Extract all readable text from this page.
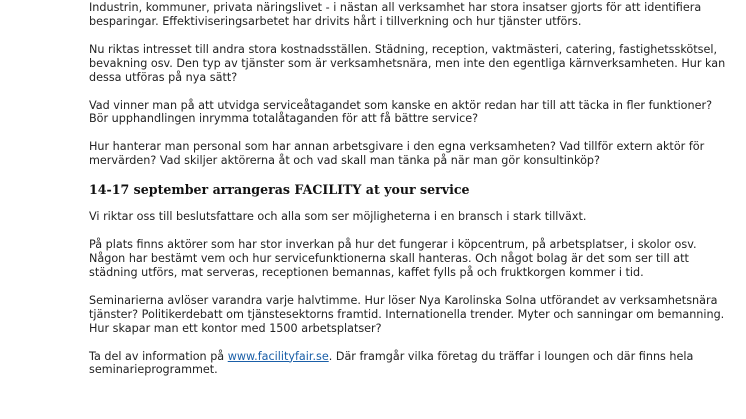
Industrin, kommuner, privata näringslivet - i nästan all verksamhet har stora insatser gjorts för att identifiera
besparingar. Effektiviseringsarbetet har drivits hårt i tillverkning och hur tjänster utförs.

Nu riktas intresset till andra stora kostnadsställen. Städning, reception, vaktmästeri, catering, fastighetsskötsel,
bevakning osv. Den typ av tjänster som är verksamhetsnära, men inte den egentliga kärnverksamheten. Hur kan
dessa utföras på nya sätt?

Vad vinner man på att utvidga serviceåtagandet som kanske en aktör redan har till att täcka in fler funktioner?
Bör upphandlingen inrymma totalåtaganden för att få bättre service?

Hur hanterar man personal som har annan arbetsgivare i den egna verksamheten? Vad tillför extern aktör för
mervärden? Vad skiljer aktörerna åt och vad skall man tänka på när man gör konsultinköp?

14-17 september arrangeras FACILITY at your service

Vi riktar oss till beslutsfattare och alla som ser möjligheterna i en bransch i stark tillväxt.

På plats finns aktörer som har stor inverkan på hur det fungerar i köpcentrum, på arbetsplatser, i skolor osv.
Någon har bestämt vem och hur servicefunktionerna skall hanteras. Och något bolag är det som ser till att
städning utförs, mat serveras, receptionen bemannas, kaffet fylls på och fruktkorgen kommer i tid.

Seminarierna avlöser varandra varje halvtimme. Hur löser Nya Karolinska Solna utförandet av verksamhetsnära
tjänster? Politikerdebatt om tjänstesektorns framtid. Internationella trender. Myter och sanningar om bemanning.
Hur skapar man ett kontor med 1500 arbetsplatser?

Ta del av information på www.facilityfair.se. Där framgår vilka företag du träffar i loungen och där finns hela
seminarieprogrammet.
